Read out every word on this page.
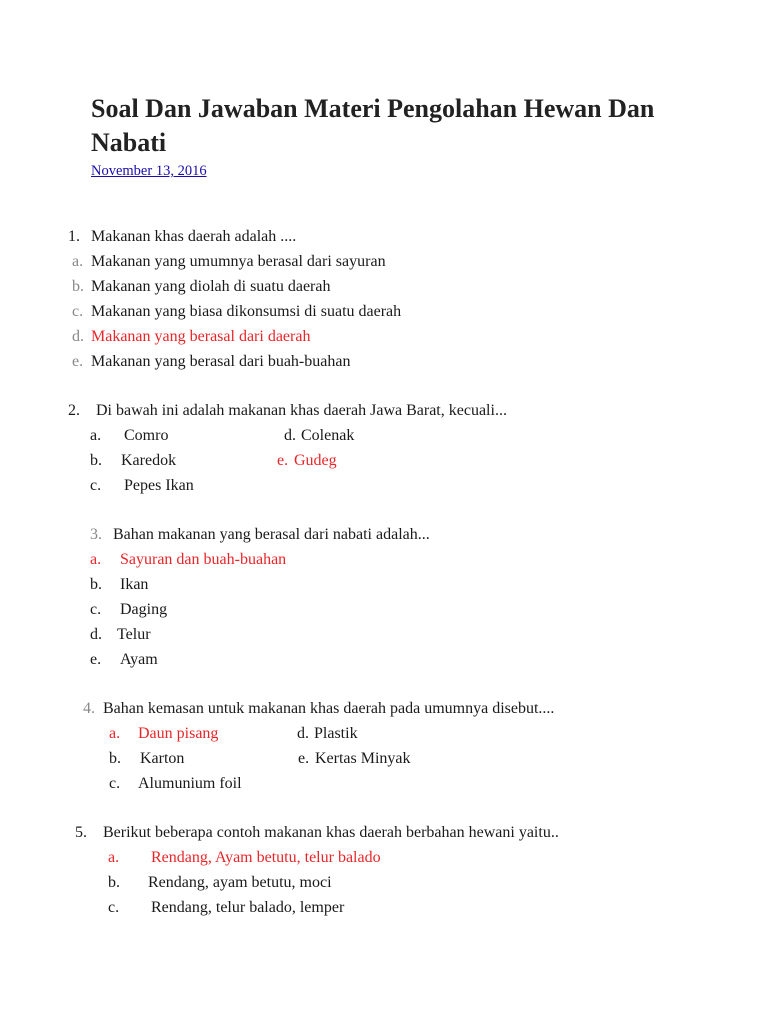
Soal Dan Jawaban Materi Pengolahan Hewan Dan Nabati
November 13, 2016
1. Makanan khas daerah adalah ....
a. Makanan yang umumnya berasal dari sayuran
b. Makanan yang diolah di suatu daerah
c. Makanan yang biasa dikonsumsi di suatu daerah
d. Makanan yang berasal dari daerah
e. Makanan yang berasal dari buah-buahan
2. Di bawah ini adalah makanan khas daerah Jawa Barat, kecuali...
a. Comro	d. Colenak
b. Karedok	e. Gudeg
c. Pepes Ikan
3. Bahan makanan yang berasal dari nabati adalah...
a. Sayuran dan buah-buahan
b. Ikan
c. Daging
d. Telur
e. Ayam
4. Bahan kemasan untuk makanan khas daerah pada umumnya disebut....
a. Daun pisang	d. Plastik
b. Karton	e. Kertas Minyak
c. Alumunium foil
5. Berikut beberapa contoh makanan khas daerah berbahan hewani yaitu..
a. Rendang, Ayam betutu, telur balado
b. Rendang, ayam betutu, moci
c. Rendang, telur balado, lemper
